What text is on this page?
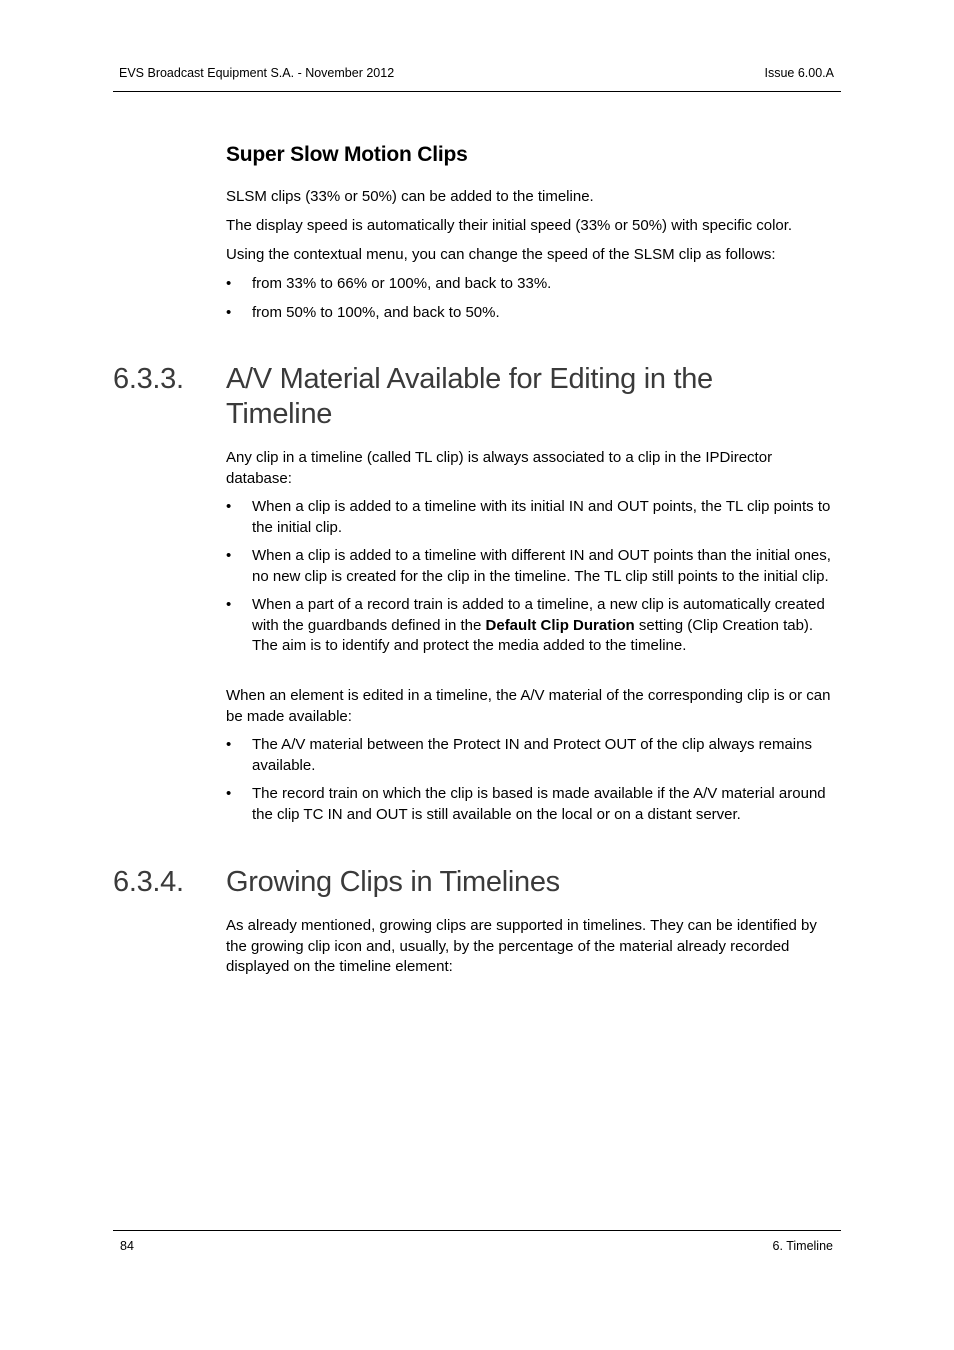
EVS Broadcast Equipment S.A. - November 2012	Issue 6.00.A
Super Slow Motion Clips
SLSM clips (33% or 50%) can be added to the timeline.
The display speed is automatically their initial speed (33% or 50%) with specific color.
Using the contextual menu, you can change the speed of the SLSM clip as follows:
• from 33% to 66% or 100%, and back to 33%.
• from 50% to 100%, and back to 50%.
6.3.3. A/V Material Available for Editing in the Timeline
Any clip in a timeline (called TL clip) is always associated to a clip in the IPDirector database:
• When a clip is added to a timeline with its initial IN and OUT points, the TL clip points to the initial clip.
• When a clip is added to a timeline with different IN and OUT points than the initial ones, no new clip is created for the clip in the timeline. The TL clip still points to the initial clip.
• When a part of a record train is added to a timeline, a new clip is automatically created with the guardbands defined in the Default Clip Duration setting (Clip Creation tab). The aim is to identify and protect the media added to the timeline.
When an element is edited in a timeline, the A/V material of the corresponding clip is or can be made available:
• The A/V material between the Protect IN and Protect OUT of the clip always remains available.
• The record train on which the clip is based is made available if the A/V material around the clip TC IN and OUT is still available on the local or on a distant server.
6.3.4. Growing Clips in Timelines
As already mentioned, growing clips are supported in timelines. They can be identified by the growing clip icon and, usually, by the percentage of the material already recorded displayed on the timeline element:
84	6. Timeline
